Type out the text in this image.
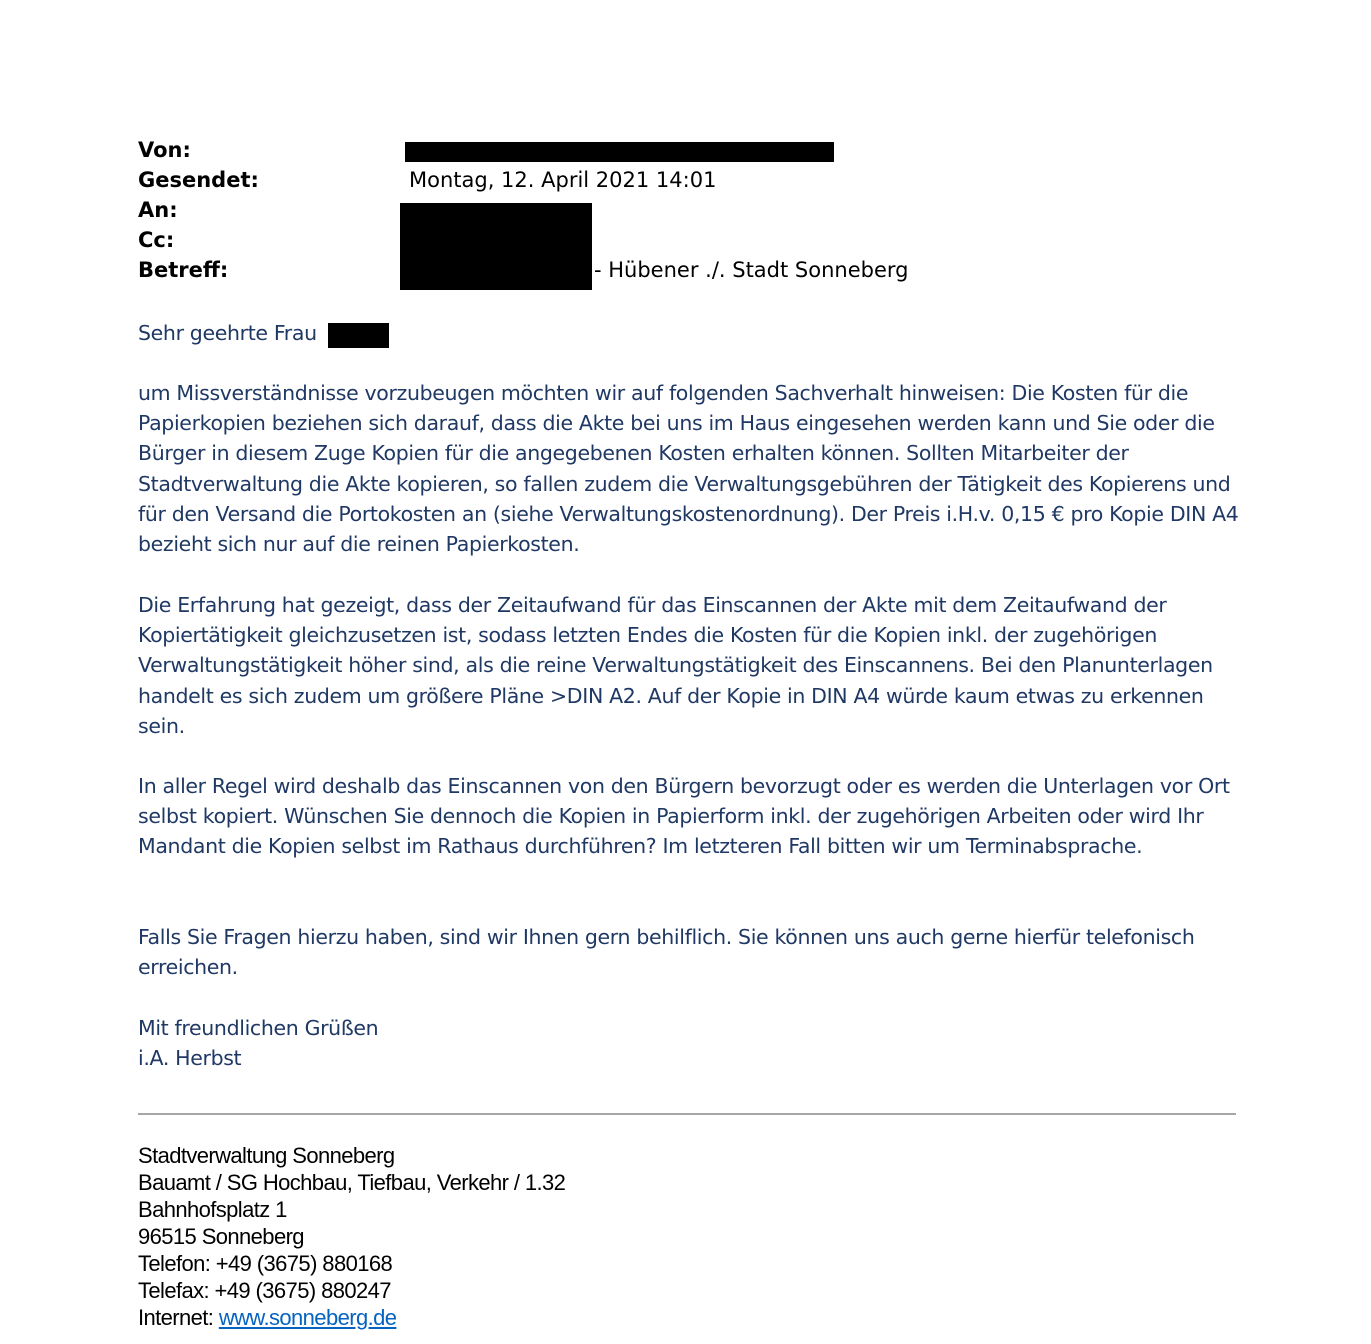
Von:
Gesendet:	Montag, 12. April 2021 14:01
An:
Cc:
Betreff:	- Hübener ./. Stadt Sonneberg
Sehr geehrte Frau

um Missverständnisse vorzubeugen möchten wir auf folgenden Sachverhalt hinweisen: Die Kosten für die Papierkopien beziehen sich darauf, dass die Akte bei uns im Haus eingesehen werden kann und Sie oder die Bürger in diesem Zuge Kopien für die angegebenen Kosten erhalten können. Sollten Mitarbeiter der Stadtverwaltung die Akte kopieren, so fallen zudem die Verwaltungsgebühren der Tätigkeit des Kopierens und für den Versand die Portokosten an (siehe Verwaltungskostenordnung). Der Preis i.H.v. 0,15 € pro Kopie DIN A4 bezieht sich nur auf die reinen Papierkosten.

Die Erfahrung hat gezeigt, dass der Zeitaufwand für das Einscannen der Akte mit dem Zeitaufwand der Kopiertätigkeit gleichzusetzen ist, sodass letzten Endes die Kosten für die Kopien inkl. der zugehörigen Verwaltungstätigkeit höher sind, als die reine Verwaltungstätigkeit des Einscannens. Bei den Planunterlagen handelt es sich zudem um größere Pläne >DIN A2. Auf der Kopie in DIN A4 würde kaum etwas zu erkennen sein.

In aller Regel wird deshalb das Einscannen von den Bürgern bevorzugt oder es werden die Unterlagen vor Ort selbst kopiert. Wünschen Sie dennoch die Kopien in Papierform inkl. der zugehörigen Arbeiten oder wird Ihr Mandant die Kopien selbst im Rathaus durchführen? Im letzteren Fall bitten wir um Terminabsprache.

Falls Sie Fragen hierzu haben, sind wir Ihnen gern behilflich. Sie können uns auch gerne hierfür telefonisch erreichen.

Mit freundlichen Grüßen

i.A. Herbst

Stadtverwaltung Sonneberg
Bauamt / SG Hochbau, Tiefbau, Verkehr / 1.32
Bahnhofsplatz 1
96515 Sonneberg
Telefon: +49 (3675) 880168
Telefax: +49 (3675) 880247
Internet: www.sonneberg.de
